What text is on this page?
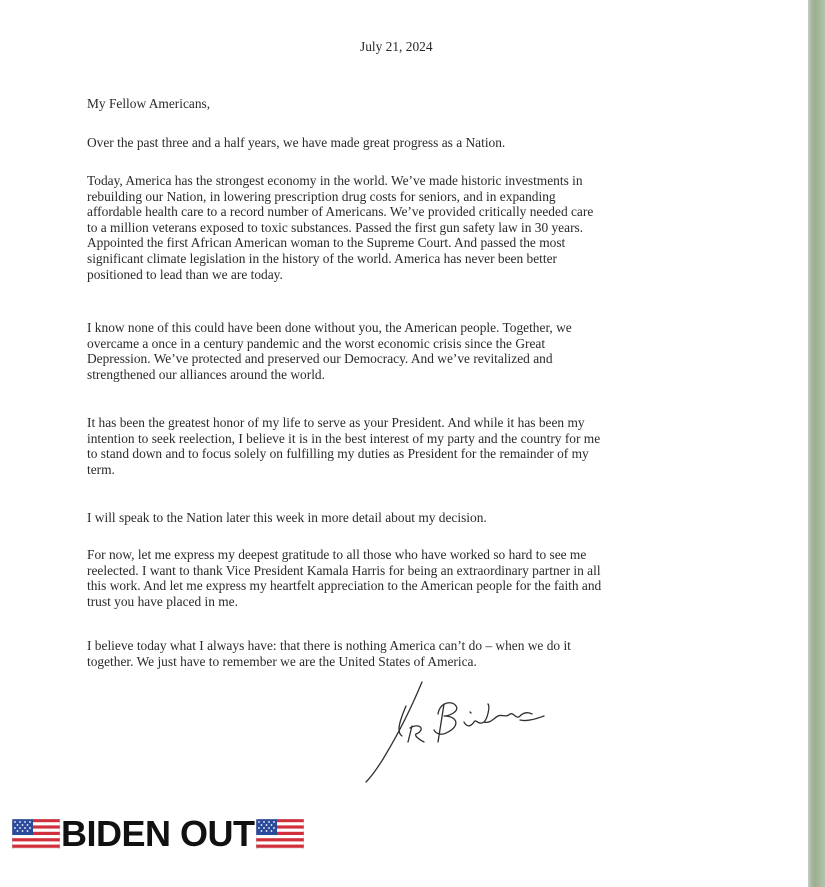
July 21, 2024
My Fellow Americans,

Over the past three and a half years, we have made great progress as a Nation.

Today, America has the strongest economy in the world. We’ve made historic investments in
rebuilding our Nation, in lowering prescription drug costs for seniors, and in expanding
affordable health care to a record number of Americans. We’ve provided critically needed care
to a million veterans exposed to toxic substances. Passed the first gun safety law in 30 years.
Appointed the first African American woman to the Supreme Court. And passed the most
significant climate legislation in the history of the world. America has never been better
positioned to lead than we are today.

I know none of this could have been done without you, the American people. Together, we
overcame a once in a century pandemic and the worst economic crisis since the Great
Depression. We’ve protected and preserved our Democracy. And we’ve revitalized and
strengthened our alliances around the world.

It has been the greatest honor of my life to serve as your President. And while it has been my
intention to seek reelection, I believe it is in the best interest of my party and the country for me
to stand down and to focus solely on fulfilling my duties as President for the remainder of my
term.

I will speak to the Nation later this week in more detail about my decision.

For now, let me express my deepest gratitude to all those who have worked so hard to see me
reelected. I want to thank Vice President Kamala Harris for being an extraordinary partner in all
this work. And let me express my heartfelt appreciation to the American people for the faith and
trust you have placed in me.

I believe today what I always have: that there is nothing America can’t do – when we do it
together. We just have to remember we are the United States of America.

BIDEN OUT
